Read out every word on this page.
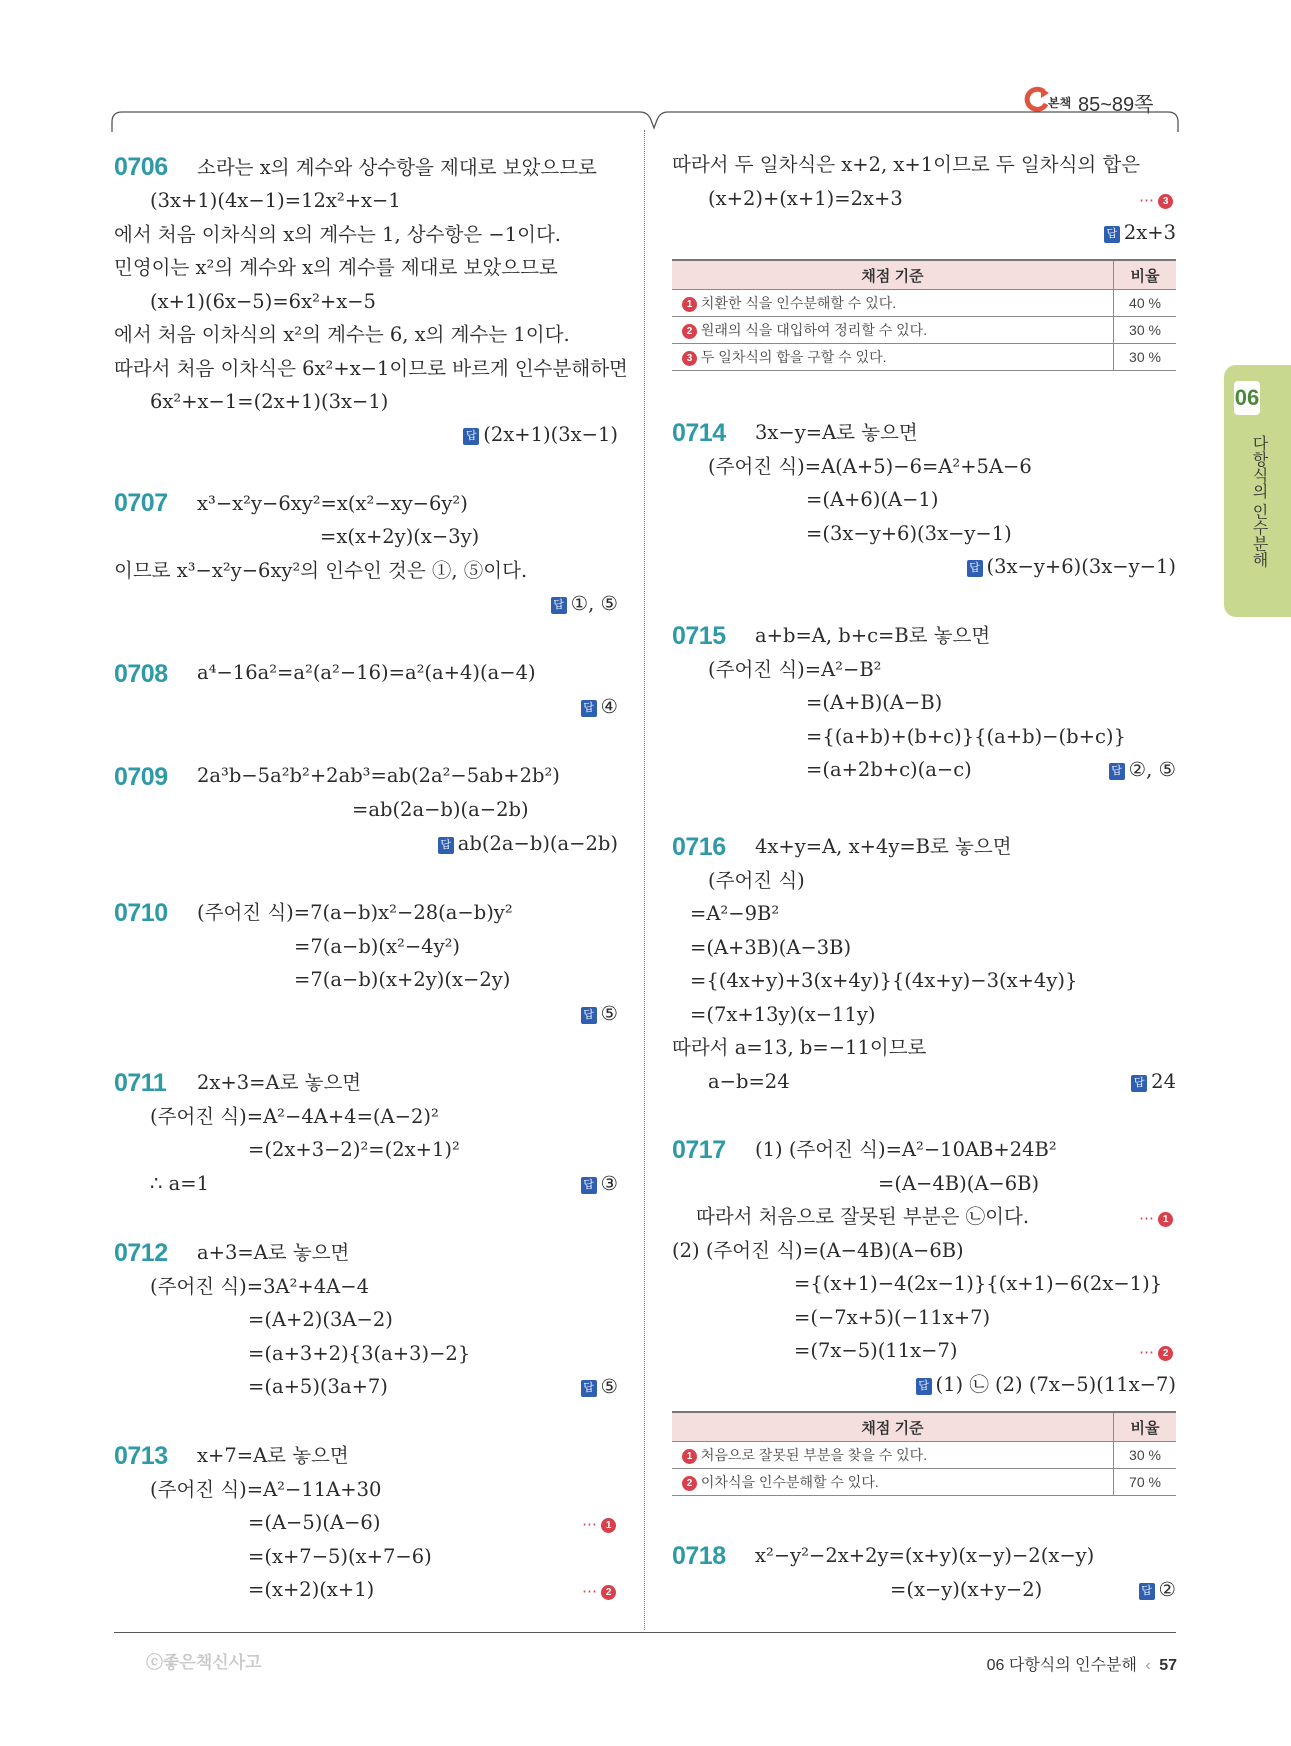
본책 85~89쪽
06
다항식의 인수분해
0706 소라는 x의 계수와 상수항을 제대로 보았으므로
(3x+1)(4x−1)=12x²+x−1
에서 처음 이차식의 x의 계수는 1, 상수항은 −1이다.
민영이는 x²의 계수와 x의 계수를 제대로 보았으므로
(x+1)(6x−5)=6x²+x−5
에서 처음 이차식의 x²의 계수는 6, x의 계수는 1이다.
따라서 처음 이차식은 6x²+x−1이므로 바르게 인수분해하면
6x²+x−1=(2x+1)(3x−1)
답 (2x+1)(3x−1)
0707 x³−x²y−6xy²=x(x²−xy−6y²)
=x(x+2y)(x−3y)
이므로 x³−x²y−6xy²의 인수인 것은 ①, ⑤이다.
답 ①, ⑤
0708 a⁴−16a²=a²(a²−16)=a²(a+4)(a−4)
답 ④
0709 2a³b−5a²b²+2ab³=ab(2a²−5ab+2b²)
=ab(2a−b)(a−2b)
답 ab(2a−b)(a−2b)
0710 (주어진 식)=7(a−b)x²−28(a−b)y²
=7(a−b)(x²−4y²)
=7(a−b)(x+2y)(x−2y)
답 ⑤
0711 2x+3=A로 놓으면
(주어진 식)=A²−4A+4=(A−2)²
=(2x+3−2)²=(2x+1)²
∴ a=1	답 ③
0712 a+3=A로 놓으면
(주어진 식)=3A²+4A−4
=(A+2)(3A−2)
=(a+3+2){3(a+3)−2}
=(a+5)(3a+7)	답 ⑤
0713 x+7=A로 놓으면
(주어진 식)=A²−11A+30
=(A−5)(A−6)	⋯ 1
=(x+7−5)(x+7−6)
=(x+2)(x+1)	⋯ 2
따라서 두 일차식은 x+2, x+1이므로 두 일차식의 합은
(x+2)+(x+1)=2x+3	⋯ 3
답 2x+3
채점 기준	비율
1 치환한 식을 인수분해할 수 있다.	40 %
2 원래의 식을 대입하여 정리할 수 있다.	30 %
3 두 일차식의 합을 구할 수 있다.	30 %
0714 3x−y=A로 놓으면
(주어진 식)=A(A+5)−6=A²+5A−6
=(A+6)(A−1)
=(3x−y+6)(3x−y−1)
답 (3x−y+6)(3x−y−1)
0715 a+b=A, b+c=B로 놓으면
(주어진 식)=A²−B²
=(A+B)(A−B)
={(a+b)+(b+c)}{(a+b)−(b+c)}
=(a+2b+c)(a−c)	답 ②, ⑤
0716 4x+y=A, x+4y=B로 놓으면
(주어진 식)
=A²−9B²
=(A+3B)(A−3B)
={(4x+y)+3(x+4y)}{(4x+y)−3(x+4y)}
=(7x+13y)(x−11y)
따라서 a=13, b=−11이므로
a−b=24	답 24
0717 (1) (주어진 식)=A²−10AB+24B²
=(A−4B)(A−6B)
따라서 처음으로 잘못된 부분은 ㉡이다.	⋯ 1
(2) (주어진 식)=(A−4B)(A−6B)
={(x+1)−4(2x−1)}{(x+1)−6(2x−1)}
=(−7x+5)(−11x+7)
=(7x−5)(11x−7)	⋯ 2
답 (1) ㉡ (2) (7x−5)(11x−7)
채점 기준	비율
1 처음으로 잘못된 부분을 찾을 수 있다.	30 %
2 이차식을 인수분해할 수 있다.	70 %
0718 x²−y²−2x+2y=(x+y)(x−y)−2(x−y)
=(x−y)(x+y−2)	답 ②
ⓒ좋은책신사고	06 다항식의 인수분해 ‹ 57
